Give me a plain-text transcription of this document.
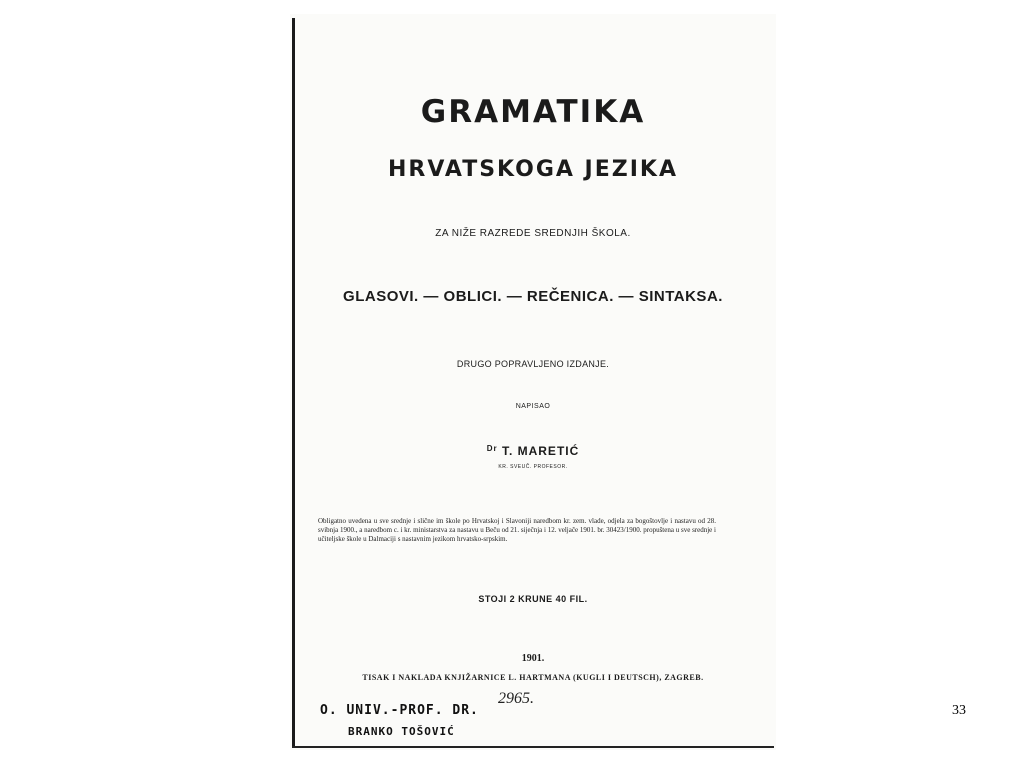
GRAMATIKA
HRVATSKOGA JEZIKA
ZA NIŽE RAZREDE SREDNJIH ŠKOLA.
GLASOVI. — OBLICI. — REČENICA. — SINTAKSA.
DRUGO POPRAVLJENO IZDANJE.
NAPISAO
$^{Dr}$ T. MARETIĆ
KR. SVEUČ. PROFESOR.
Obligatno uvedena u sve srednje i slične im škole po Hrvatskoj i Slavoniji naredbom kr. zem. vlade, odjela za bogoštovlje i nastavu od 28. svibnja 1900., a naredbom c. i kr. ministarstva za nastavu u Beču od 21. siječnja i 12. veljače 1901. br. 30423/1900. propuštena u sve srednje i učiteljske škole u Dalmaciji s nastavnim jezikom hrvatsko-srpskim.
STOJI 2 KRUNE 40 FIL.
1901.
TISAK I NAKLADA KNJIŽARNICE L. HARTMANA (KUGLI I DEUTSCH), ZAGREB.
O. UNIV.-PROF. DR.
BRANKO TOŠOVIĆ
2965.
33
